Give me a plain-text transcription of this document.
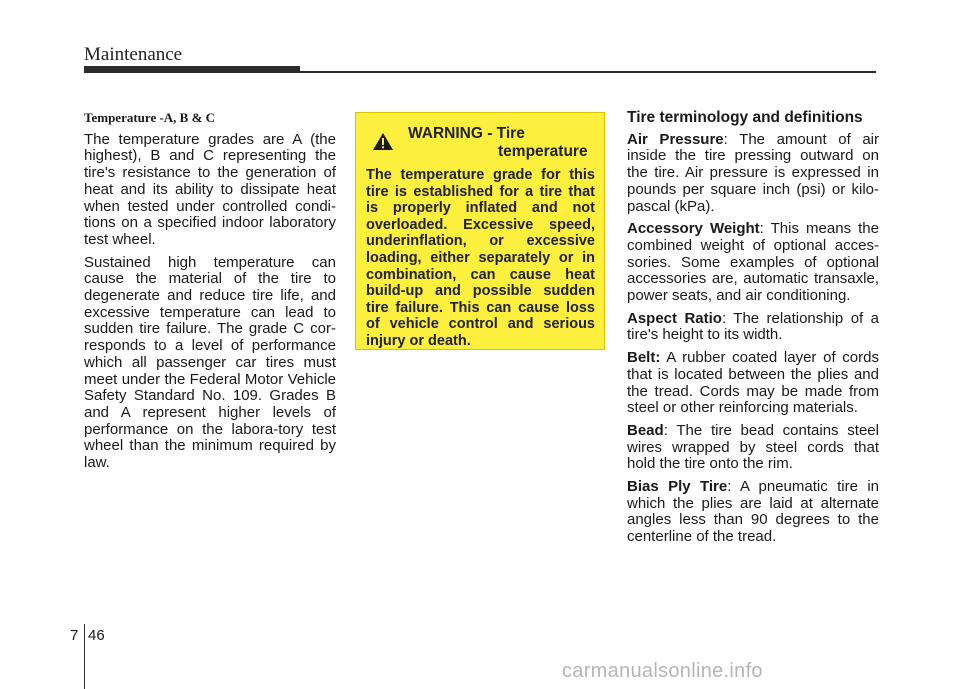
Maintenance
Temperature -A, B & C

The temperature grades are A (the highest), B and C representing the tire's resistance to the generation of heat and its ability to dissipate heat when tested under controlled condi-tions on a specified indoor laboratory test wheel.

Sustained high temperature can cause the material of the tire to degenerate and reduce tire life, and excessive temperature can lead to sudden tire failure. The grade C cor-responds to a level of performance which all passenger car tires must meet under the Federal Motor Vehicle Safety Standard No. 109. Grades B and A represent higher levels of performance on the labora-tory test wheel than the minimum required by law.

WARNING - Tire
temperature
The temperature grade for this tire is established for a tire that is properly inflated and not overloaded. Excessive speed, underinflation, or excessive loading, either separately or in combination, can cause heat build-up and possible sudden tire failure. This can cause loss of vehicle control and serious injury or death.
Tire terminology and definitions

Air Pressure: The amount of air inside the tire pressing outward on the tire. Air pressure is expressed in pounds per square inch (psi) or kilo-pascal (kPa).

Accessory Weight: This means the combined weight of optional acces-sories. Some examples of optional accessories are, automatic transaxle, power seats, and air conditioning.

Aspect Ratio: The relationship of a tire's height to its width.

Belt: A rubber coated layer of cords that is located between the plies and the tread. Cords may be made from steel or other reinforcing materials.

Bead: The tire bead contains steel wires wrapped by steel cords that hold the tire onto the rim.

Bias Ply Tire: A pneumatic tire in which the plies are laid at alternate angles less than 90 degrees to the centerline of the tread.

7 46
carmanualsonline.info
